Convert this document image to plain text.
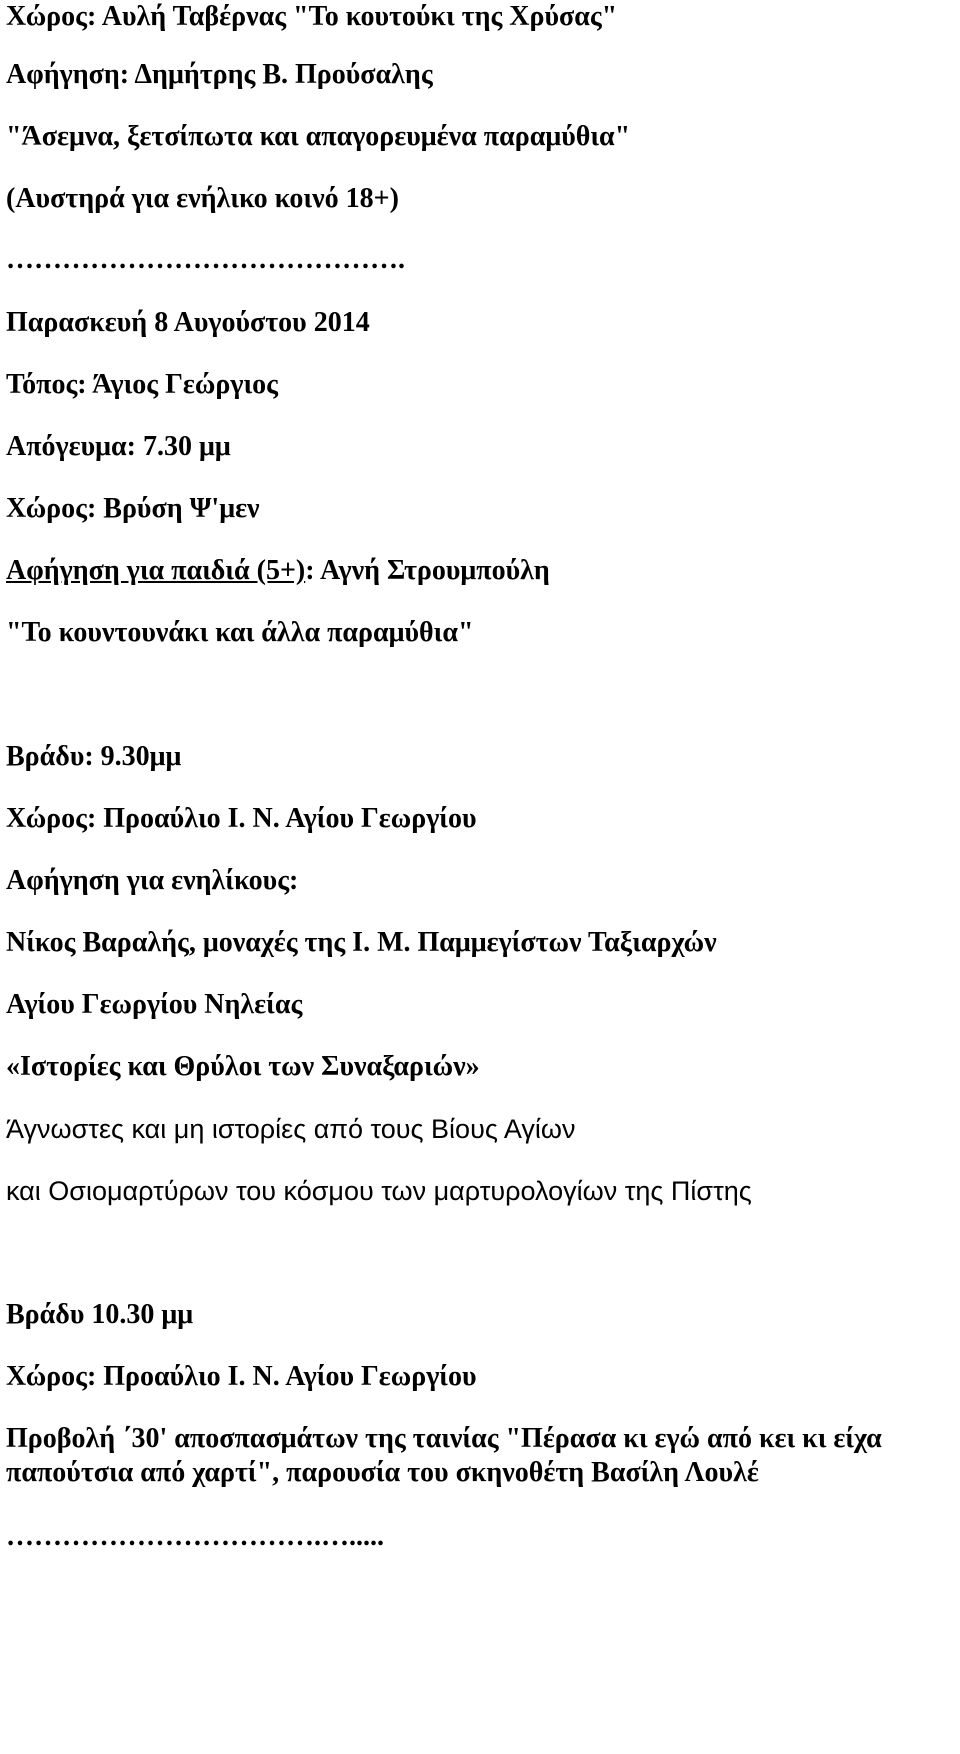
Χώρος: Αυλή Ταβέρνας "Το κουτούκι της Χρύσας"
Αφήγηση: Δημήτρης Β. Προύσαλης
"Άσεμνα, ξετσίπωτα και απαγορευμένα παραμύθια"
(Αυστηρά για ενήλικο κοινό 18+)
…………………………………….
Παρασκευή 8 Αυγούστου 2014
Τόπος: Άγιος Γεώργιος
Απόγευμα: 7.30 μμ
Χώρος: Βρύση Ψ'μεν
Αφήγηση για παιδιά (5+): Αγνή Στρουμπούλη
"Το κουντουνάκι και άλλα παραμύθια"
Βράδυ: 9.30μμ
Χώρος: Προαύλιο Ι. Ν. Αγίου Γεωργίου
Αφήγηση για ενηλίκους:
Νίκος Βαραλής, μοναχές της Ι. Μ. Παμμεγίστων Ταξιαρχών
Αγίου Γεωργίου Νηλείας
«Ιστορίες και Θρύλοι των Συναξαριών»
Άγνωστες και μη ιστορίες από τους Βίους Αγίων
και Οσιομαρτύρων του κόσμου των μαρτυρολογίων της Πίστης
Βράδυ 10.30 μμ
Χώρος: Προαύλιο Ι. Ν. Αγίου Γεωργίου
Προβολή ΄30' αποσπασμάτων της ταινίας "Πέρασα κι εγώ από κει κι είχα
παπούτσια από χαρτί", παρουσία του σκηνοθέτη Βασίλη Λουλέ
…………………………….….....
